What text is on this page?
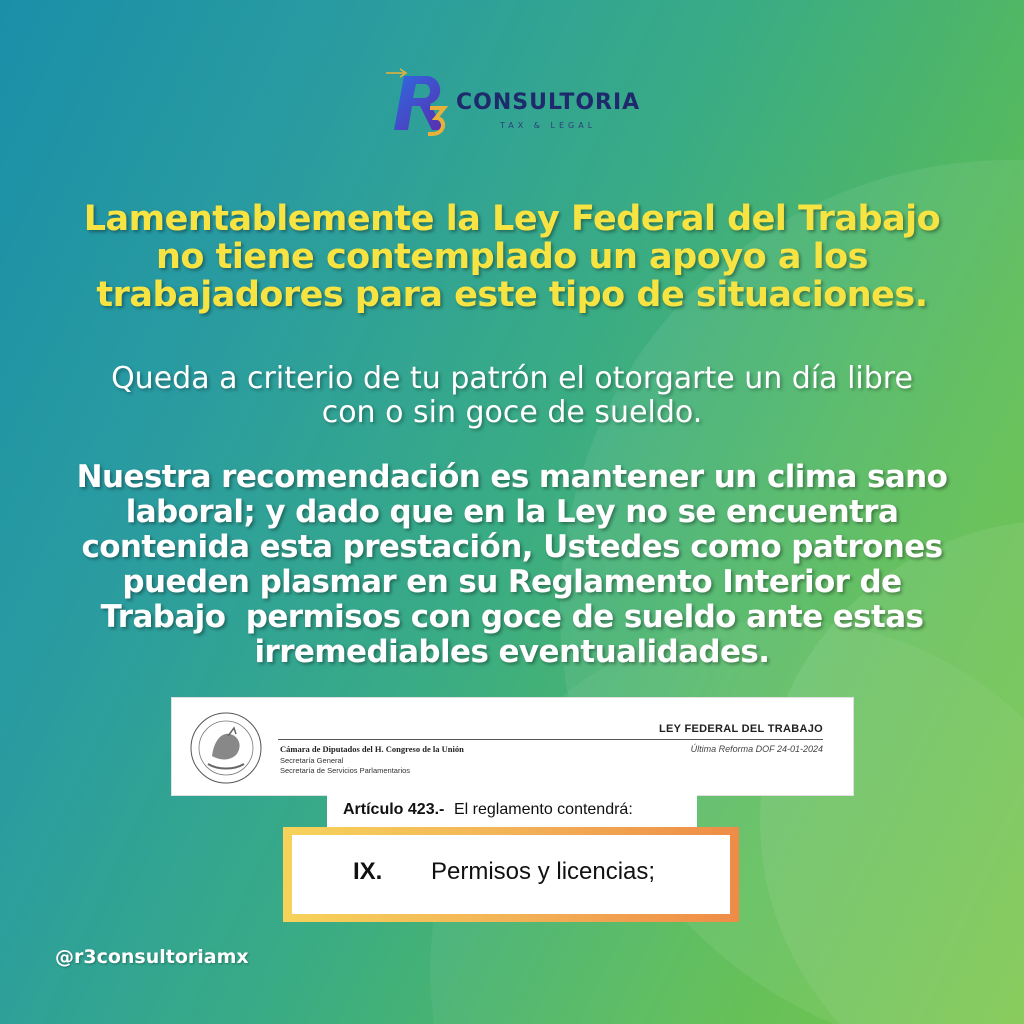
CONSULTORIA
TAX & LEGAL
Lamentablemente la Ley Federal del Trabajo
no tiene contemplado un apoyo a los
trabajadores para este tipo de situaciones.

Queda a criterio de tu patrón el otorgarte un día libre
con o sin goce de sueldo.

Nuestra recomendación es mantener un clima sano
laboral; y dado que en la Ley no se encuentra
contenida esta prestación, Ustedes como patrones
pueden plasmar en su Reglamento Interior de
Trabajo  permisos con goce de sueldo ante estas
irremediables eventualidades.

LEY FEDERAL DEL TRABAJO
Cámara de Diputados del H. Congreso de la Unión
Secretaría General
Secretaría de Servicios Parlamentarios
Última Reforma DOF 24-01-2024
Artículo 423.- El reglamento contendrá:
IX. Permisos y licencias;
@r3consultoriamx
